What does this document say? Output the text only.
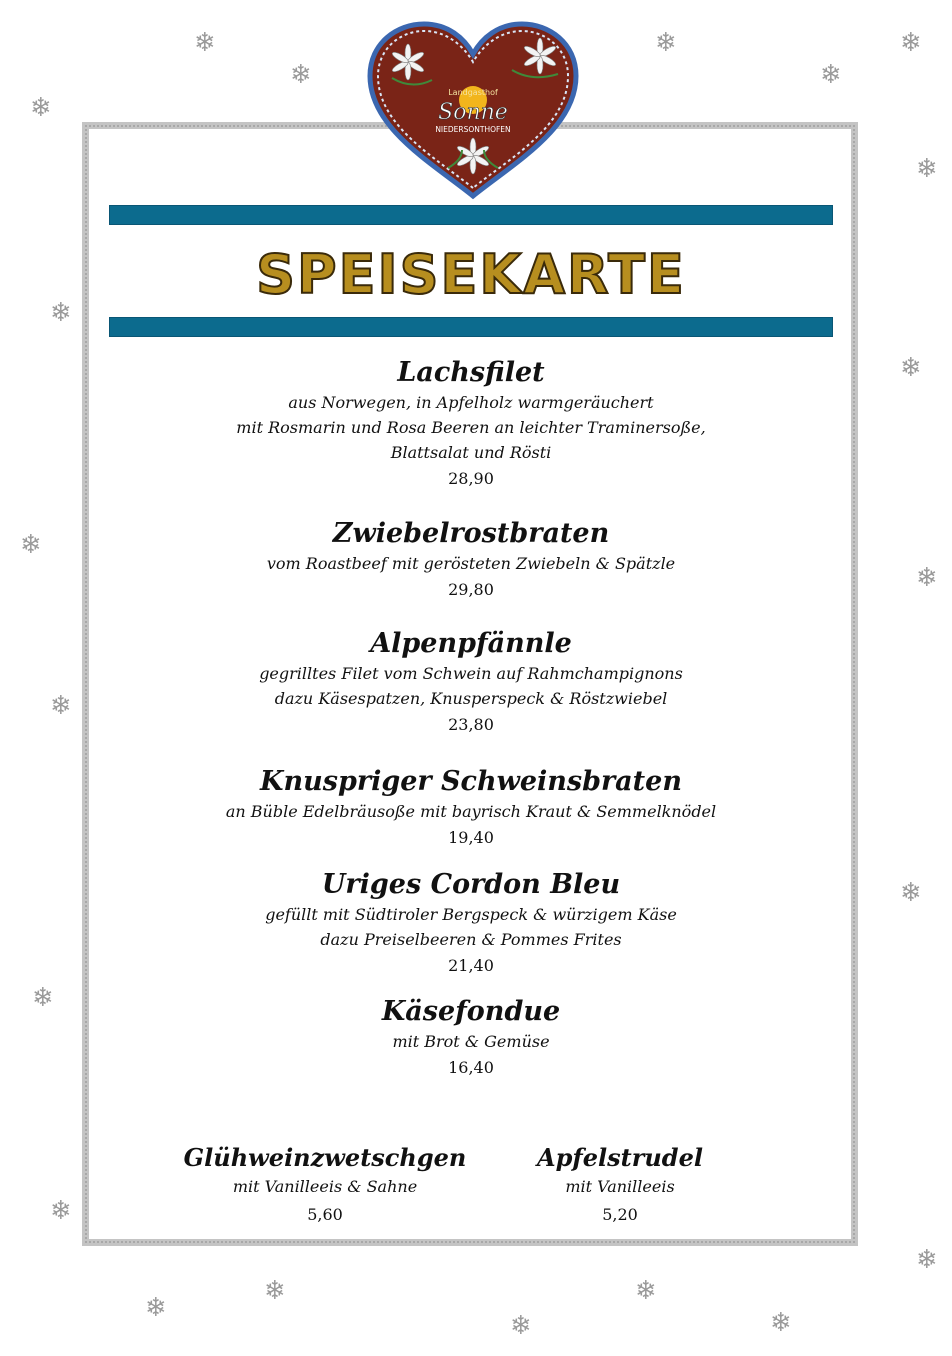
❄
❄
❄
❄
❄
❄
❄
❄
❄
❄
❄
❄
❄
❄
❄
❄
❄
❄
❄
❄	❄
Landgasthof
Sonne
NIEDERSONTHOFEN
SPEISEKARTE
Lachsfilet
aus Norwegen, in Apfelholz warmgeräuchert
mit Rosmarin und Rosa Beeren an leichter Traminersoße,
Blattsalat und Rösti
28,90
Zwiebelrostbraten
vom Roastbeef mit gerösteten Zwiebeln & Spätzle
29,80
Alpenpfännle
gegrilltes Filet vom Schwein auf Rahmchampignons
dazu Käsespatzen, Knusperspeck & Röstzwiebel
23,80
Knuspriger Schweinsbraten
an Büble Edelbräusoße mit bayrisch Kraut & Semmelknödel
19,40
Uriges Cordon Bleu
gefüllt mit Südtiroler Bergspeck & würzigem Käse
dazu Preiselbeeren & Pommes Frites
21,40
Käsefondue
mit Brot & Gemüse
16,40
Glühweinzwetschgen
mit Vanilleeis & Sahne
5,60
Apfelstrudel
mit Vanilleeis
5,20
